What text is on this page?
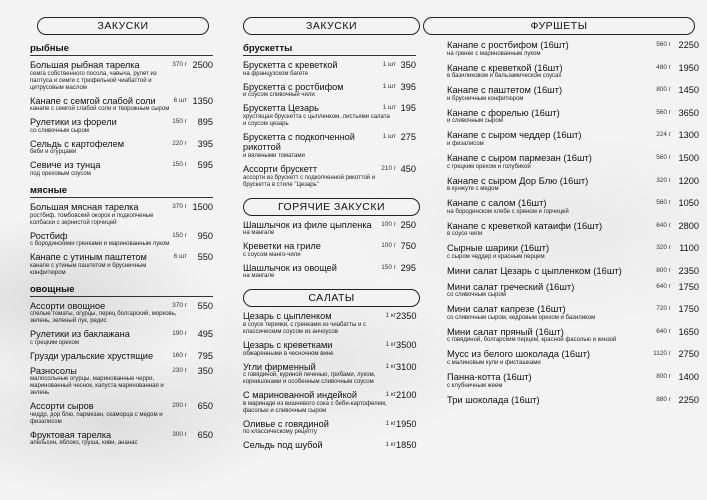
ЗАКУСКИ
рыбные
Большая рыбная тарелка
семга собственного посола, чавыча, рулет из палтуса и семги с трюфельной чиабаттой и цитрусовым маслом
370 г 2500
Канапе с семгой слабой соли
канапе с семгой слабой соли и творожным сыром
6 шт 1350
Рулетики из форели
со сливочным сыром
150 г	895
Сельдь с картофелем
беби и огурцами
220 г	395
Севиче из тунца
под ореховым соусом
150 г	595
мясные
Большая мясная тарелка
ростбиф, томбовский окорок и подкопченые колбаски с зернистой горчицей
370 г 1500
Ростбиф
с бородинскими гренками и маринованным луком
150 г	950
Канапе с утиным паштетом
канапе с утиным паштетом и брусничным конфитюром
6 шт	550
овощные
Ассорти овощное
спелые томаты, огурцы, перец болгарский, морковь, зелень, зеленый лук, редис
370 г	550
Рулетики из баклажана
с грецким орехом
190 г	495
Грузди уральские хрустящие	160 г	795
Разносолы
малосольные огурцы, маринованные черри, маринованный чеснок, капуста маринованная и зелень
230 г	350
Ассорти сыров
чеддр, дор блю, пармезан, скаморца с медом и физалисом
200 г	650
Фруктовая тарелка
апельсин, яблоко, груша, киви, ананас
300 г	650
ЗАКУСКИ
брускетты
Брускетта с креветкой
на французском багете
1 шт 350
Брускетта с ростбифом
и соусом сливочный чили
1 шт 395
Брускетта Цезарь
хрустящая брускетта с цыпленком, листьями салата и соусом цезарь
1 шт 195
Брускетта с подкопченной рикоттой
и вялеными томатами
1 шт 275
Ассорти брускетт
ассорти из брускетт с подкопченной рикоттой и брускетта в стиле "Цезарь"
210 г 450
ГОРЯЧИЕ ЗАКУСКИ
Шашлычок из филе цыпленка
на мангале
100 г 250
Креветки на гриле
с соусом манго-чили
100 г 750
Шашлычок из овощей
на мангале
150 г 295
САЛАТЫ
Цезарь с цыпленком
в соусе терияки, с гренками из чиабатты и с классическим соусом из анчоусов
1 кг 2350
Цезарь с креветками
обжаренными в чесночном вине
1 кг 3500
Угли фирменный
с говядиной, куриной печенью, грибами, луком, корнишонами и особенным сливочным соусом
1 кг 3100
С маринованной индейкой
в маринаде из вишневого сока с беби-картофелем, фасолью и сливочным сыром
1 кг 2100
Оливье с говядиной
по классическому рецепту
1 кг 1950
Сельдь под шубой	1 кг 1850
ФУРШЕТЫ
Канапе с ростбифом (16шт)
на гренке с маринованным луком
560 г 2250
Канапе с креветкой (16шт)
в базиликовом и бальзамическом соусах
480 г 1950
Канапе с паштетом (16шт)
и брусничным конфитюром
800 г 1450
Канапе с форелью (16шт)
и сливочным сыром
560 г 3650
Канапе с сыром чеддер (16шт)
и физалисом
224 г 1300
Канапе с сыром пармезан (16шт)
с грецким орехом и голубикой
560 г 1500
Канапе с сыром Дор Блю (16шт)
в кунжуте с медом
320 г 1200
Канапе с салом (16шт)
на бородинском хлебе с хреном и горчицей
560 г 1050
Канапе с креветкой катаифи (16шт)
в соусе чили
640 г 2800
Сырные шарики (16шт)
с сыром чеддер и красным перцем
320 г 1100
Мини салат Цезарь с цыпленком (16шт)	800 г 2350
Мини салат греческий (16шт)
со сливочным сыром
640 г 1750
Мини салат капрезе (16шт)
со сливочным сыром, кедровым орехом и базиликом
720 г 1750
Мини салат пряный (16шт)
с говядиной, болгарским перцем, красной фасолью и кинзой
640 г 1650
Мусс из белого шоколада (16шт)
с малиновым кули и фисташками
1120 г 2750
Панна-котта (16шт)
с клубничным жеем
800 г 1400
Три шоколада (16шт)	880 г 2250
